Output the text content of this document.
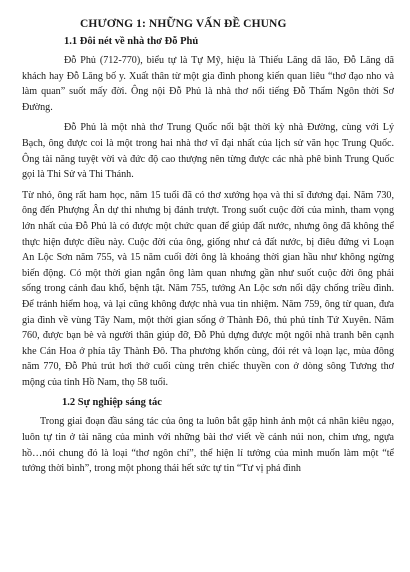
CHƯƠNG 1: NHỮNG VẤN ĐỀ CHUNG
1.1 Đôi nét về nhà thơ Đỗ Phủ

Đỗ Phủ (712-770), biểu tự là Tự Mỹ, hiệu là Thiếu Lăng dã lão, Đỗ Lăng dã khách hay Đỗ Lăng bố y. Xuất thân từ một gia đình phong kiến quan liêu “thơ đạo nho và làm quan” suốt mấy đời. Ông nội Đỗ Phủ là nhà thơ nổi tiếng Đỗ Thẩm Ngôn thời Sơ Đường.

Đỗ Phủ là một nhà thơ Trung Quốc nổi bật thời kỳ nhà Đường, cùng với Lý Bạch, ông được coi là một trong hai nhà thơ vĩ đại nhất của lịch sử văn học Trung Quốc. Ông tài năng tuyệt vời và đức độ cao thượng nên từng được các nhà phê bình Trung Quốc gọi là Thi Sử và Thi Thánh.

Từ nhỏ, ông rất ham học, năm 15 tuổi đã có thơ xướng họa và thi sĩ đương đại. Năm 730, ông đến Phượng Ân dự thi nhưng bị đánh trượt. Trong suốt cuộc đời của mình, tham vọng lớn nhất của Đỗ Phủ là có được một chức quan để giúp đất nước, nhưng ông đã không thể thực hiện được điều này. Cuộc đời của ông, giống như cả đất nước, bị điêu đứng vì Loạn An Lộc Sơn năm 755, và 15 năm cuối đời ông là khoảng thời gian hầu như không ngừng biến động. Có một thời gian ngắn ông làm quan nhưng gần như suốt cuộc đời ông phải sống trong cảnh đau khổ, bệnh tật. Năm 755, tướng An Lộc sơn nổi dậy chống triều đình. Để tránh hiểm hoạ, và lại cũng không được nhà vua tin nhiệm. Năm 759, ông từ quan, đưa gia đình về vùng Tây Nam, một thời gian sống ở Thành Đô, thủ phủ tỉnh Tứ Xuyên. Năm 760, được bạn bè và người thân giúp đỡ, Đỗ Phủ dựng được một ngôi nhà tranh bên cạnh khe Cán Hoa ở phía tây Thành Đô. Tha phương khốn cùng, đói rét và loạn lạc, mùa đông năm 770, Đỗ Phủ trút hơi thở cuối cùng trên chiếc thuyền con ở dòng sông Tương thơ mộng của tỉnh Hồ Nam, thọ 58 tuổi.

1.2 Sự nghiệp sáng tác

Trong giai đoạn đầu sáng tác của ông ta luôn bắt gặp hình ảnh một cá nhân kiêu ngạo, luôn tự tin ở tài năng của mình với những bài thơ viết về cảnh núi non, chim ưng, ngựa hồ…nói chung đó là loại “thơ ngôn chí”, thể hiện lí tưởng của mình muốn làm một “tể tướng thời bình”, trong một phong thái hết sức tự tin “Tư vị phá đình
